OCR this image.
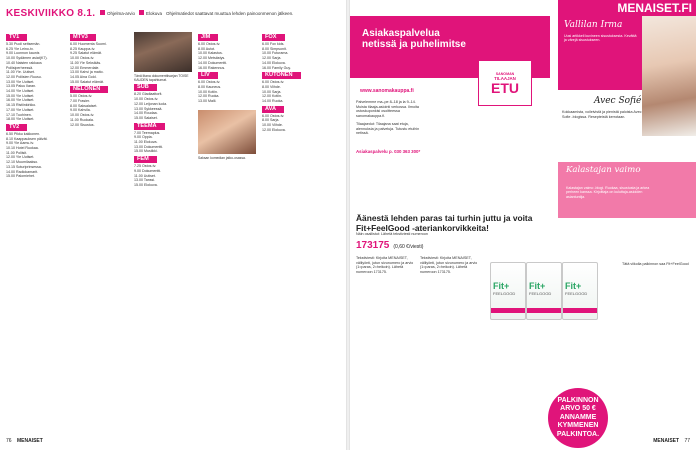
KESKIVIIKKO 8.1.	Ohjelma-arvio	Elokuva Ohjelmatiedot saattavat muuttua lehden painoonmenon jälkeen.
TV1
5.30 Puoli seitsemän.
6.25 Yle Leino-tv.
9.00 Luonnon kaunis
10.00 Sydämen asiat(K7).
10.40 Naisten rakkaus
Poliisiperheessä.
11.00 Yle. Uutiset.
12.00 Poliisien Ruusu.
13.00 Yle Uutiset.
13.05 Paluu Ilaran.
14.00 Yle Uutiset.
15.00 Yle Uutiset.
16.00 Yle Uutiset.
16.15 Ristiinkirkko.
17.00 Yle Uutiset.
17.10 Tuohinen.
18.00 Yle Uutiset.
TV2
6.50 Pikku kakkonen.
8.10 Kaappauksen päivät.
9.00 Yle Aamu-tv.
10.10 Hotel Ruokaa.
11.00 Poliisit.
12.00 Yle Uutiset.
12.10 Muumilaakso.
13.15 Soturiprinsessa.
14.00 Radiokamarit.
15.00 Palomiehet.
MTV3
6.00 Huomenta Suomi.
8.25 Kauppa-tv.
9.25 Salatut elämät.
10.00 Ostos-tv.
11.00 Yle Seksikäs.
12.00 Emmerdale.
13.00 Kahvi ja maito.
14.05 Aina Gold.
15.00 Salatut elämät.
NELONEN
5.00 Ostos-tv.
7.00 Frasier.
8.00 Saksalaiset.
9.00 Kahvila.
10.00 Ostos-tv.
11.00 Ruokala.
12.00 Sisustus.
Tänä iltana dokumenttisarjan TOISE KAUDEN tapahtumat.
SUB
8.20 Gladiaattorit.
10.00 Ostos-tv.
12.00 Leijonan luola.
13.00 Sykkeessä.
14.00 Roudaa.
15.00 Salaiset.
TEEMA
7.00 Teemaplus.
9.00 Oppia.
11.00 Elokuva.
13.00 Dokumentti.
15.00 Musiikki.
FEM
7.25 Ostos-tv.
9.00 Dokumentti.
11.00 Uutiset.
13.00 Tanssi.
15.00 Elokuva.
JIM
6.00 Ostos-tv.
8.00 Autot.
10.00 Kalastus.
12.00 Metsästys.
14.00 Dokumentti.
16.00 Rakennus.
LIV
6.00 Ostos-tv.
8.00 Kauneus.
10.00 Kotiin.
12.00 Ruoka.
13.00 Malli.
Saksan komedian jatko-osassa.
FOX
6.00 Fox kids.
8.00 Simpsonit.
10.00 Futurama.
12.00 Sarja.
14.00 Elokuva.
16.00 Family Guy.
KUTONEN
6.00 Ostos-tv.
8.00 Viihde.
10.00 Sarja.
12.00 Kotiin.
14.00 Ruoka.
AVA
6.00 Ostos-tv.
8.00 Sarja.
10.00 Viihde.
12.00 Elokuva.
76 MENAISET
Asiakaspalvelua
netissä ja puhelimitse
www.sanomakauppa.fi
SANOMAN
TILAAJAN
ETU
Palvelemme ma–pe 8–18 ja la 9–14. Muista tilaaja-asiointi verkossa. Ilmoita ostoskuponkisi osoitteessa sanomakauppa.fi.
Tilaajaedut: Tilaajana saat etuja, alennuksia ja palveluja. Tutustu etuihin netissä.
Asiakaspalvelu p. 030 363 300*
Äänestä lehden paras tai turhin juttu ja voita Fit+FeelGood -ateriankorvikkeita!
Näin osallistut: Lähetä tekstiviesti numeroon
173175 (0,60 €/viesti)
Tekstiviesti: Kirjoita MENAISET, välilyönti, jutun sivunumero ja arvio (1=paras, 2=heikoin). Lähetä numeroon 173175.
Tekstiviesti: Kirjoita MENAISET, välilyönti, jutun sivunumero ja arvio (1=paras, 2=heikoin). Lähetä numeroon 173175.
Fit+
FEELGOOD
Fit+
FEELGOOD
Fit+
FEELGOOD
Tätä viikolla palkinnon saa Fit+FeelGood
PALKINNON ARVO 50 € ANNAMME KYMMENEN PALKINTOA.
MENAISET.FI
Vallilan Irma
Uusi artikkeli kuvineen sisustuksesta. Kevättä ja värejä sisustukseen.
Avec Sofié
Kokkaamista, voileivistä ja pienistä paloista Avec Sofie -blogissa. Resepteistä kerrotaan.
Kalastajan vaimo
Kalastajan vaimo -blogi. Ruokaa, sisustusta ja arkea perheen kanssa. Kirjoittaja on kuluttaja-asioiden asiantuntija.
MENAISET 77
